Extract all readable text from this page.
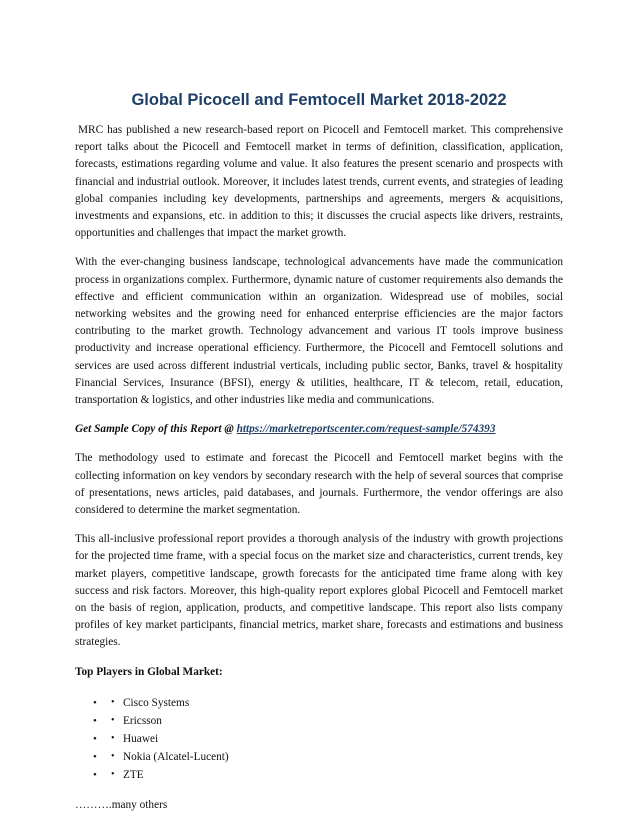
Global Picocell and Femtocell Market 2018-2022

MRC has published a new research-based report on Picocell and Femtocell market. This comprehensive report talks about the Picocell and Femtocell market in terms of definition, classification, application, forecasts, estimations regarding volume and value. It also features the present scenario and prospects with financial and industrial outlook. Moreover, it includes latest trends, current events, and strategies of leading global companies including key developments, partnerships and agreements, mergers & acquisitions, investments and expansions, etc. in addition to this; it discusses the crucial aspects like drivers, restraints, opportunities and challenges that impact the market growth.

With the ever-changing business landscape, technological advancements have made the communication process in organizations complex. Furthermore, dynamic nature of customer requirements also demands the effective and efficient communication within an organization. Widespread use of mobiles, social networking websites and the growing need for enhanced enterprise efficiencies are the major factors contributing to the market growth. Technology advancement and various IT tools improve business productivity and increase operational efficiency. Furthermore, the Picocell and Femtocell solutions and services are used across different industrial verticals, including public sector, Banks, travel & hospitality Financial Services, Insurance (BFSI), energy & utilities, healthcare, IT & telecom, retail, education, transportation & logistics, and other industries like media and communications.

Get Sample Copy of this Report @ https://marketreportscenter.com/request-sample/574393

The methodology used to estimate and forecast the Picocell and Femtocell market begins with the collecting information on key vendors by secondary research with the help of several sources that comprise of presentations, news articles, paid databases, and journals. Furthermore, the vendor offerings are also considered to determine the market segmentation.

This all-inclusive professional report provides a thorough analysis of the industry with growth projections for the projected time frame, with a special focus on the market size and characteristics, current trends, key market players, competitive landscape, growth forecasts for the anticipated time frame along with key success and risk factors. Moreover, this high-quality report explores global Picocell and Femtocell market on the basis of region, application, products, and competitive landscape. This report also lists company profiles of key market participants, financial metrics, market share, forecasts and estimations and business strategies.

Top Players in Global Market:

• • Cisco Systems
• • Ericsson
• • Huawei
• • Nokia (Alcatel-Lucent)
• • ZTE

……….many others
